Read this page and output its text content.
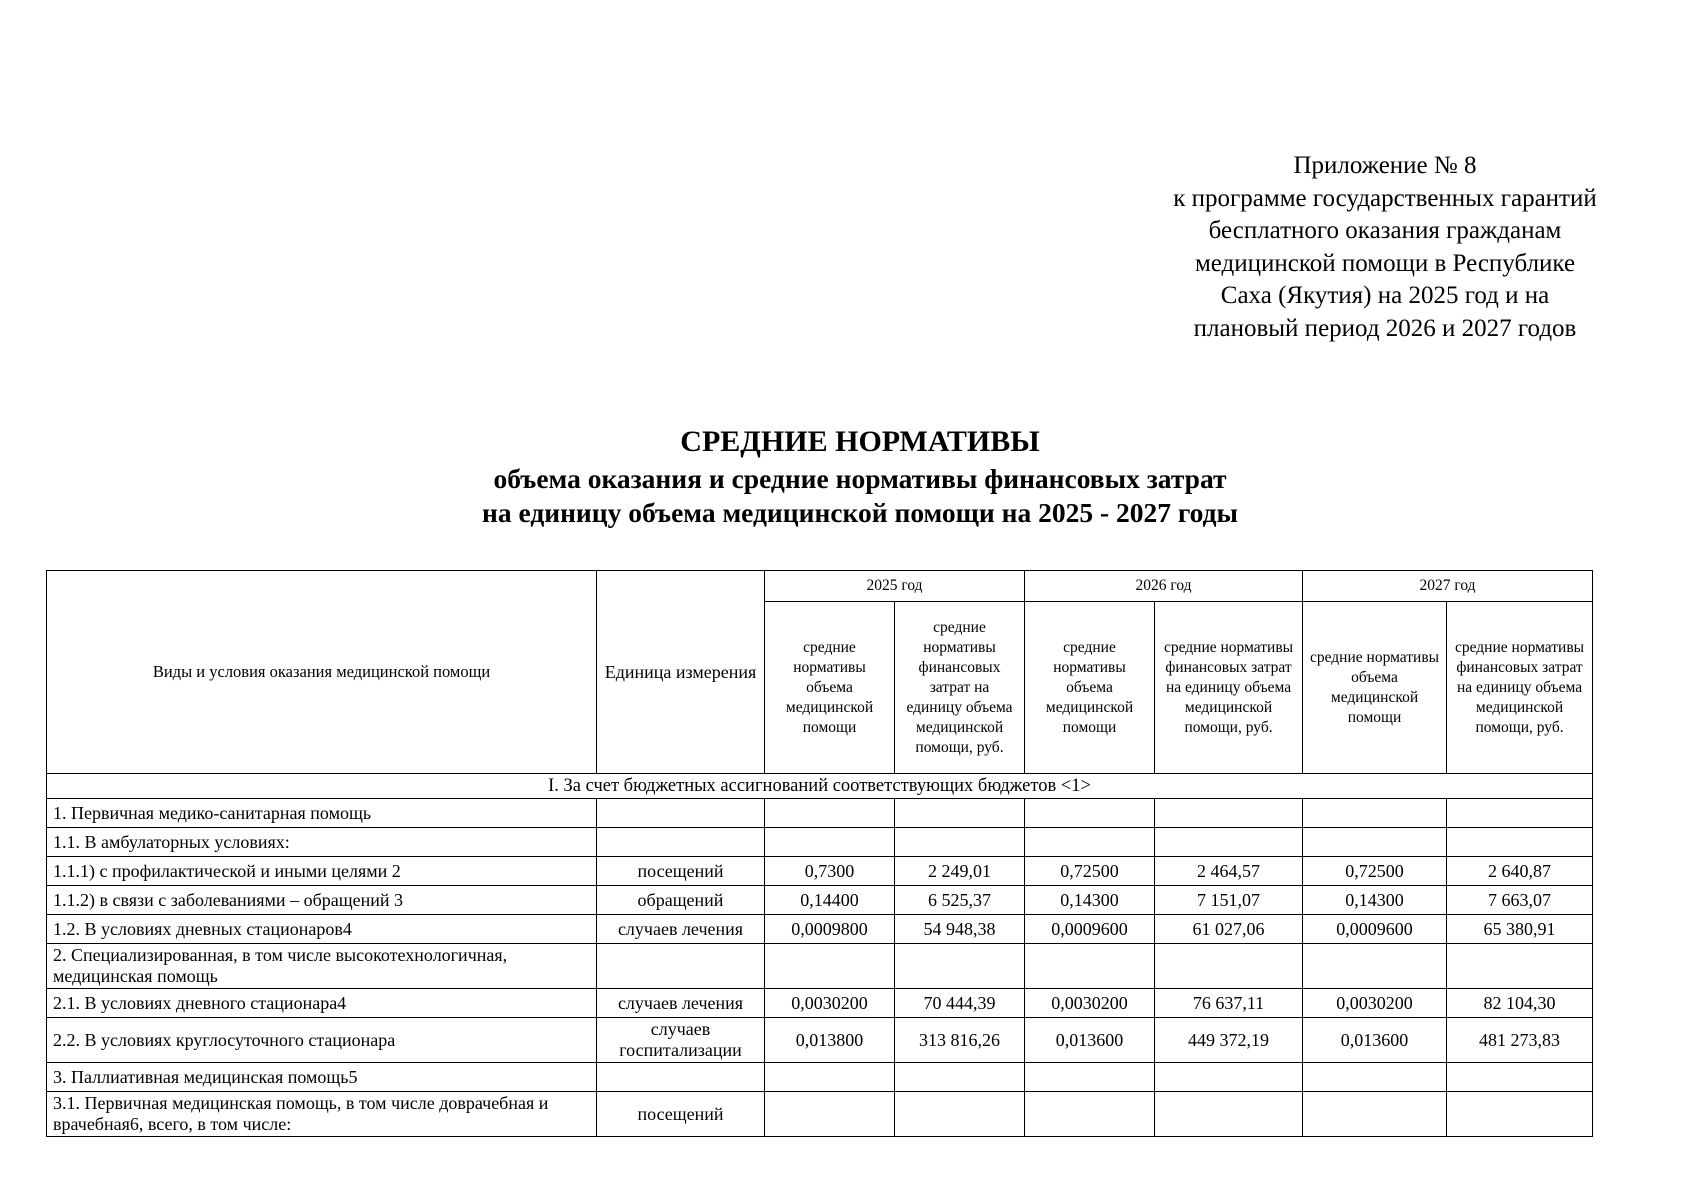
Приложение № 8
к программе государственных гарантий
бесплатного оказания гражданам
медицинской помощи в Республике
Саха (Якутия) на 2025 год и на
плановый период 2026 и 2027 годов
СРЕДНИЕ НОРМАТИВЫ
объема оказания и средние нормативы финансовых затрат
на единицу объема медицинской помощи на 2025 - 2027 годы
Виды и условия оказания медицинской помощи	Единица измерения	2025 год		2026 год		2027 год	
		средние нормативы объема медицинской помощи	средние нормативы финансовых затрат на единицу объема медицинской помощи, руб.	средние нормативы объема медицинской помощи	средние нормативы финансовых затрат на единицу объема медицинской помощи, руб.	средние нормативы объема медицинской помощи	средние нормативы финансовых затрат на единицу объема медицинской помощи, руб.
I. За счет бюджетных ассигнований соответствующих бюджетов <1>							
1. Первичная медико-санитарная помощь							
1.1. В амбулаторных условиях:							
1.1.1) с профилактической и иными целями 2	посещений	0,7300	2 249,01	0,72500	2 464,57	0,72500	2 640,87
1.1.2) в связи с заболеваниями – обращений 3	обращений	0,14400	6 525,37	0,14300	7 151,07	0,14300	7 663,07
1.2. В условиях дневных стационаров4	случаев лечения	0,0009800	54 948,38	0,0009600	61 027,06	0,0009600	65 380,91
2. Специализированная, в том числе высокотехнологичная, медицинская помощь							
2.1. В условиях дневного стационара4	случаев лечения	0,0030200	70 444,39	0,0030200	76 637,11	0,0030200	82 104,30
2.2. В условиях круглосуточного стационара	случаев госпитализации	0,013800	313 816,26	0,013600	449 372,19	0,013600	481 273,83
3. Паллиативная медицинская помощь5							
3.1. Первичная медицинская помощь, в том числе доврачебная и врачебная6, всего, в том числе:	посещений						
